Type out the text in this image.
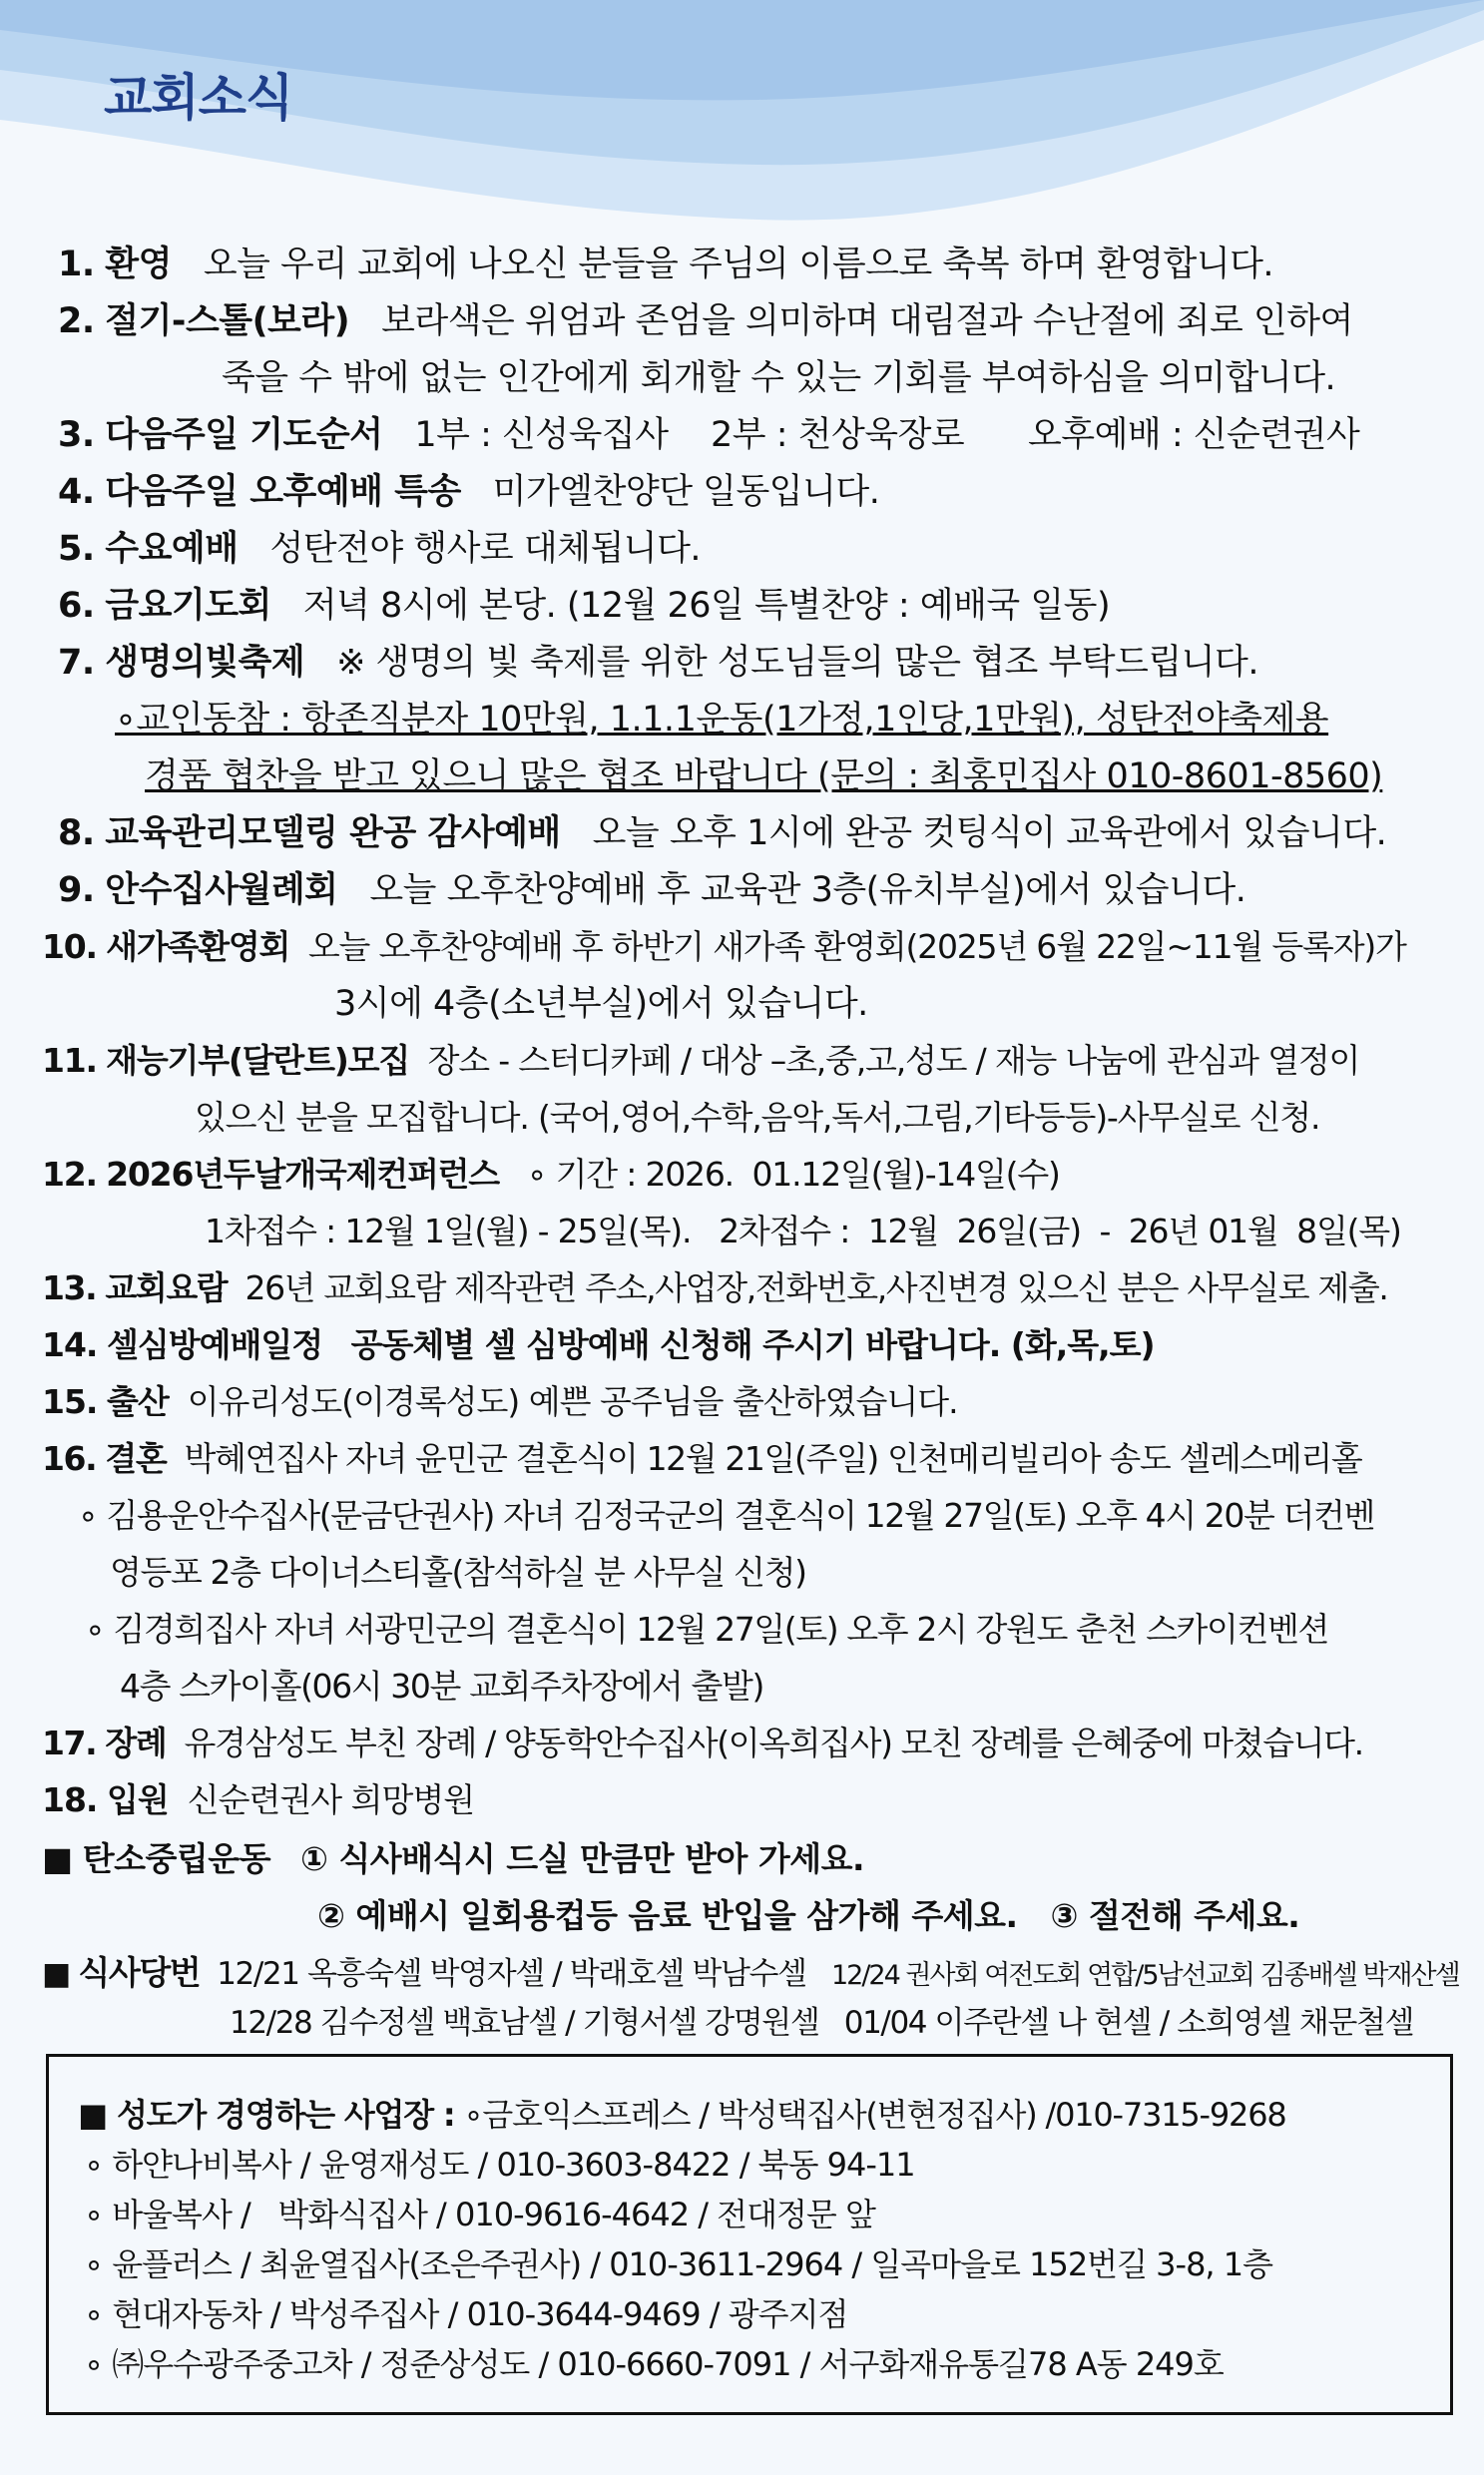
교회소식
1. 환영 오늘 우리 교회에 나오신 분들을 주님의 이름으로 축복 하며 환영합니다.
2. 절기-스톨(보라) 보라색은 위엄과 존엄을 의미하며 대림절과 수난절에 죄로 인하여
죽을 수 밖에 없는 인간에게 회개할 수 있는 기회를 부여하심을 의미합니다.
3. 다음주일 기도순서 1부 : 신성욱집사    2부 : 천상욱장로      오후예배 : 신순련권사
4. 다음주일 오후예배 특송 미가엘찬양단 일동입니다.
5. 수요예배 성탄전야 행사로 대체됩니다.
6. 금요기도회 저녁 8시에 본당. (12월 26일 특별찬양 : 예배국 일동)
7. 생명의빛축제 ※ 생명의 빛 축제를 위한 성도님들의 많은 협조 부탁드립니다.
∘교인동참 : 항존직분자 10만원, 1.1.1운동(1가정,1인당,1만원), 성탄전야축제용
경품 협찬을 받고 있으니 많은 협조 바랍니다 (문의 : 최홍민집사 010-8601-8560)
8. 교육관리모델링 완공 감사예배 오늘 오후 1시에 완공 컷팅식이 교육관에서 있습니다.
9. 안수집사월례회 오늘 오후찬양예배 후 교육관 3층(유치부실)에서 있습니다.
10. 새가족환영회 오늘 오후찬양예배 후 하반기 새가족 환영회(2025년 6월 22일~11월 등록자)가
3시에 4층(소년부실)에서 있습니다.
11. 재능기부(달란트)모집 장소 - 스터디카페 / 대상 –초,중,고,성도 / 재능 나눔에 관심과 열정이
있으신 분을 모집합니다. (국어,영어,수학,음악,독서,그림,기타등등)-사무실로 신청.
12. 2026년두날개국제컨퍼런스 ∘ 기간 : 2026.  01.12일(월)-14일(수)
1차접수 : 12월 1일(월) - 25일(목).   2차접수 :  12월  26일(금)  -  26년 01월  8일(목)
13. 교회요람 26년 교회요람 제작관련 주소,사업장,전화번호,사진변경 있으신 분은 사무실로 제출.
14. 셀심방예배일정 공동체별 셀 심방예배 신청해 주시기 바랍니다. (화,목,토)
15. 출산 이유리성도(이경록성도) 예쁜 공주님을 출산하였습니다.
16. 결혼 박혜연집사 자녀 윤민군 결혼식이 12월 21일(주일) 인천메리빌리아 송도 셀레스메리홀
∘ 김용운안수집사(문금단권사) 자녀 김정국군의 결혼식이 12월 27일(토) 오후 4시 20분 더컨벤
영등포 2층 다이너스티홀(참석하실 분 사무실 신청)
∘ 김경희집사 자녀 서광민군의 결혼식이 12월 27일(토) 오후 2시 강원도 춘천 스카이컨벤션
4층 스카이홀(06시 30분 교회주차장에서 출발)
17. 장례 유경삼성도 부친 장례 / 양동학안수집사(이옥희집사) 모친 장례를 은혜중에 마쳤습니다.
18. 입원 신순련권사 희망병원
■ 탄소중립운동 ① 식사배식시 드실 만큼만 받아 가세요.
② 예배시 일회용컵등 음료 반입을 삼가해 주세요.   ③ 절전해 주세요.
■ 식사당번 12/21 옥흥숙셀 박영자셀 / 박래호셀 박남수셀 12/24 권사회 여전도회 연합/5남선교회 김종배셀 박재산셀
12/28 김수정셀 백효남셀 / 기형서셀 강명원셀 01/04 이주란셀 나 현셀 / 소희영셀 채문철셀
■ 성도가 경영하는 사업장 : ∘금호익스프레스 / 박성택집사(변현정집사) /010-7315-9268
∘ 하얀나비복사 / 윤영재성도 / 010-3603-8422 / 북동 94-11
∘ 바울복사 /   박화식집사 / 010-9616-4642 / 전대정문 앞
∘ 윤플러스 / 최윤열집사(조은주권사) / 010-3611-2964 / 일곡마을로 152번길 3-8, 1층
∘ 현대자동차 / 박성주집사 / 010-3644-9469 / 광주지점
∘ ㈜우수광주중고차 / 정준상성도 / 010-6660-7091 / 서구화재유통길78 A동 249호
